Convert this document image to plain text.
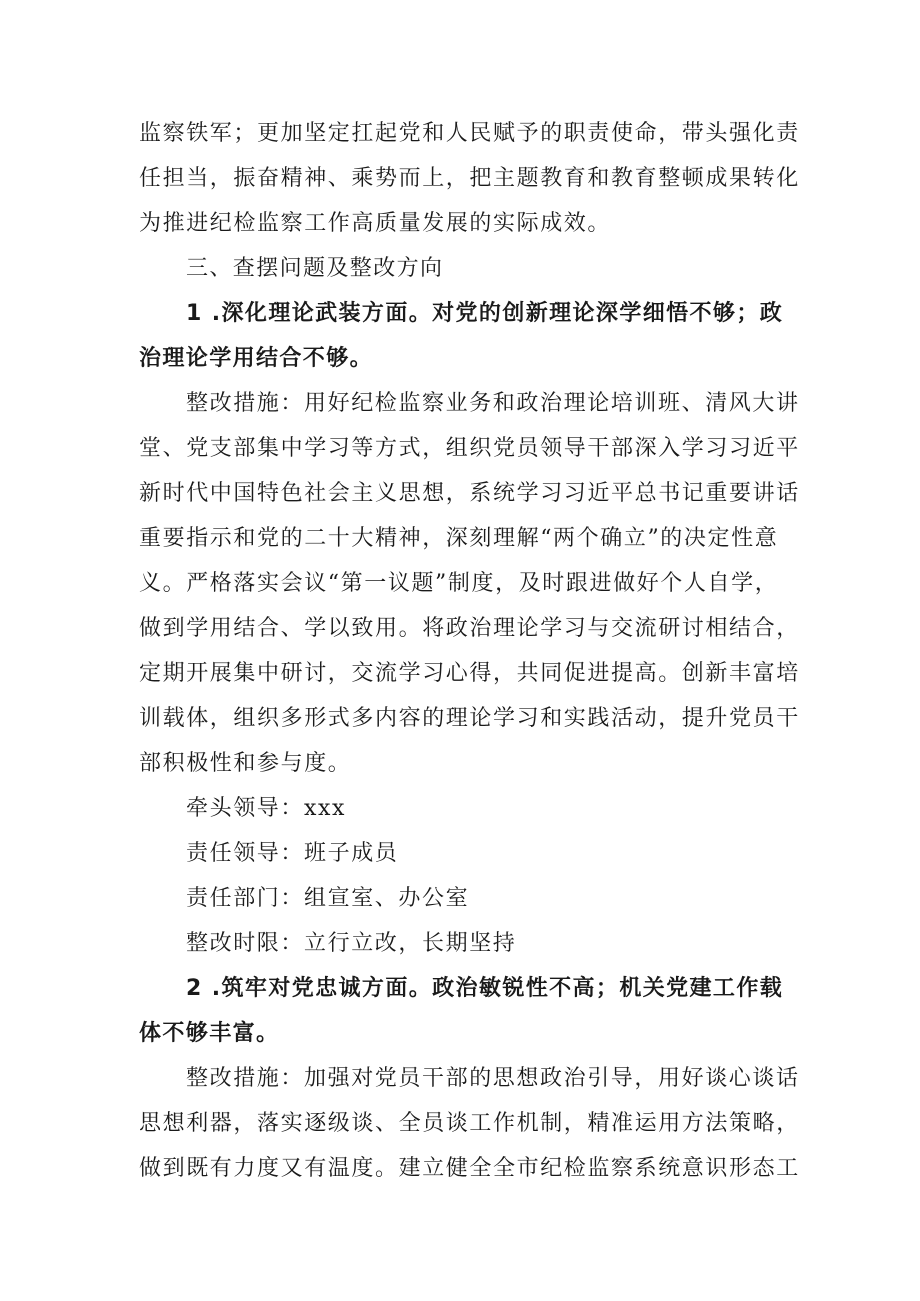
监察铁军；更加坚定扛起党和人民赋予的职责使命，带头强化责
任担当，振奋精神、乘势而上，把主题教育和教育整顿成果转化
为推进纪检监察工作高质量发展的实际成效。
三、查摆问题及整改方向
1 .深化理论武装方面。对党的创新理论深学细悟不够；政
治理论学用结合不够。
整改措施：用好纪检监察业务和政治理论培训班、清风大讲
堂、党支部集中学习等方式，组织党员领导干部深入学习习近平
新时代中国特色社会主义思想，系统学习习近平总书记重要讲话
重要指示和党的二十大精神，深刻理解“两个确立”的决定性意
义。严格落实会议“第一议题”制度，及时跟进做好个人自学，
做到学用结合、学以致用。将政治理论学习与交流研讨相结合，
定期开展集中研讨，交流学习心得，共同促进提高。创新丰富培
训载体，组织多形式多内容的理论学习和实践活动，提升党员干
部积极性和参与度。
牵头领导：xxx
责任领导：班子成员
责任部门：组宣室、办公室
整改时限：立行立改，长期坚持
2 .筑牢对党忠诚方面。政治敏锐性不高；机关党建工作载
体不够丰富。
整改措施：加强对党员干部的思想政治引导，用好谈心谈话
思想利器，落实逐级谈、全员谈工作机制，精准运用方法策略，
做到既有力度又有温度。建立健全全市纪检监察系统意识形态工
